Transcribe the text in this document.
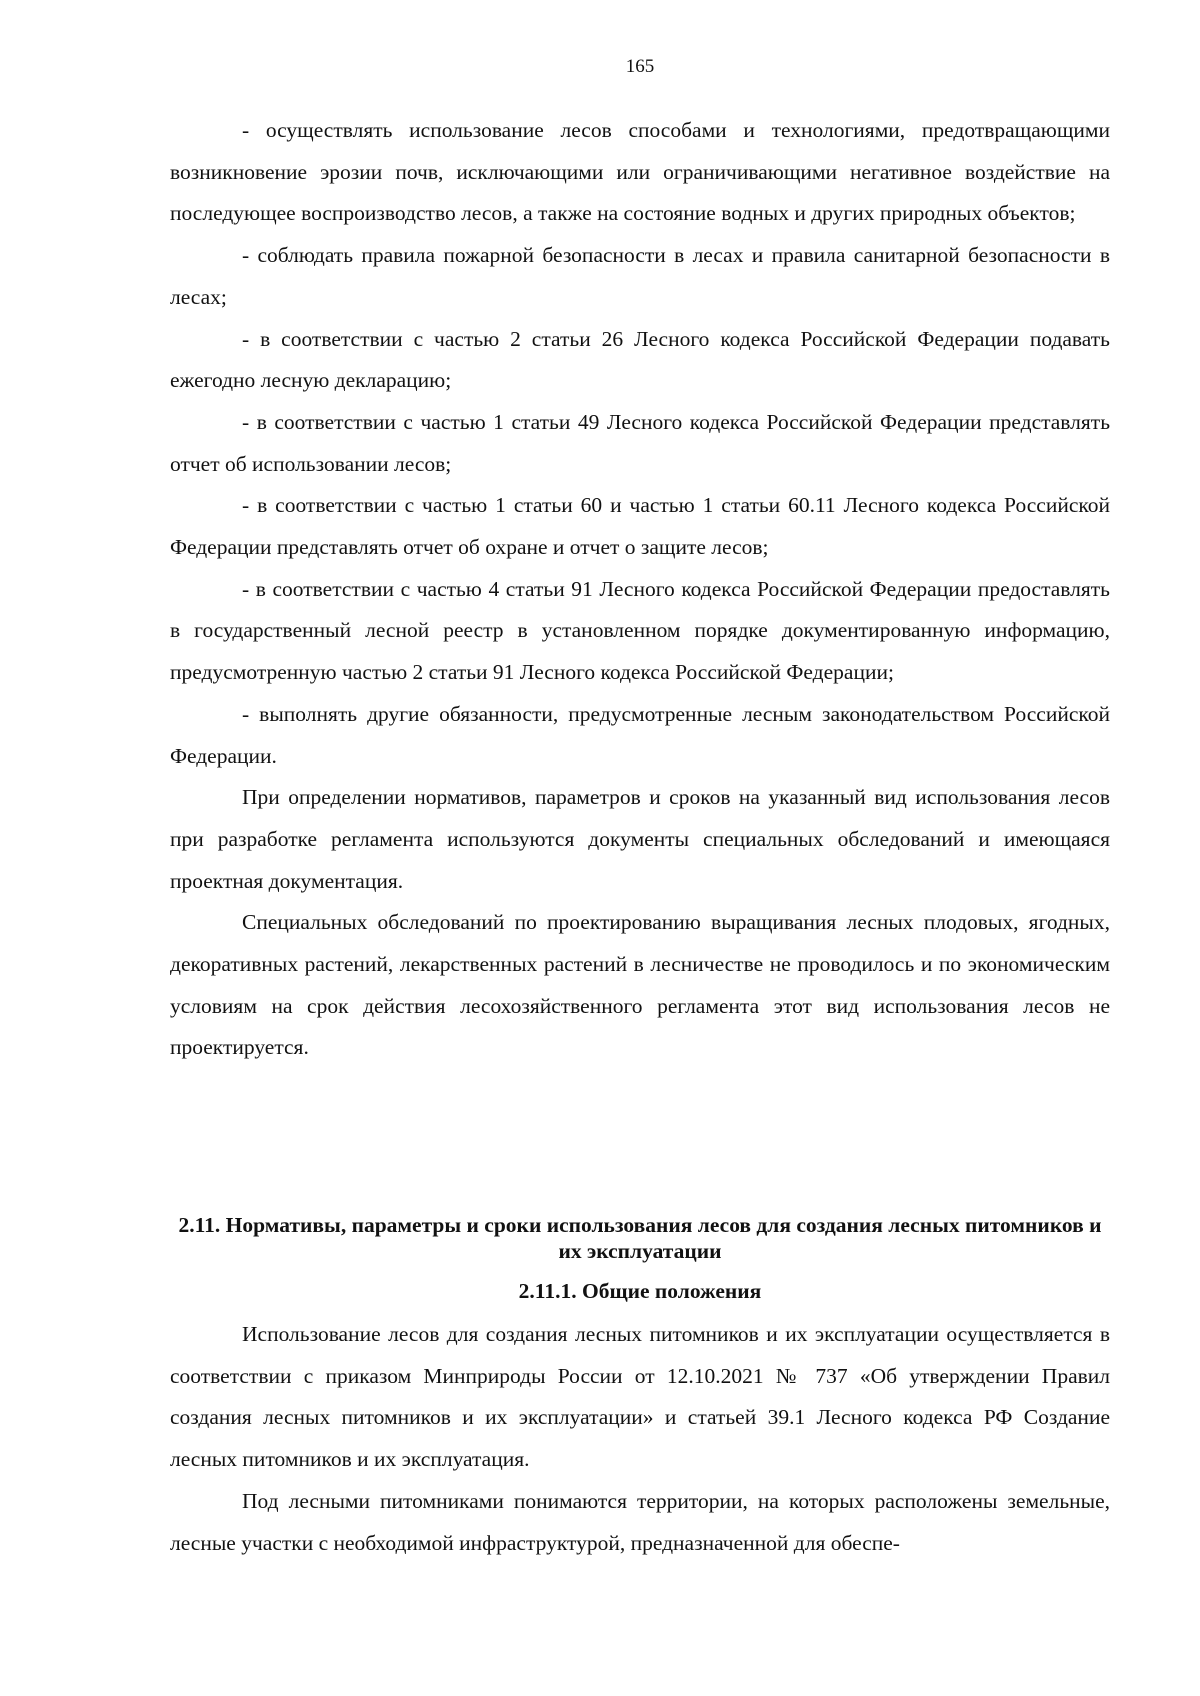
165

- осуществлять использование лесов способами и технологиями, предотвращающими возникновение эрозии почв, исключающими или ограничивающими негативное воздействие на последующее воспроизводство лесов, а также на состояние водных и других природных объектов;

- соблюдать правила пожарной безопасности в лесах и правила санитарной безопасности в лесах;

- в соответствии с частью 2 статьи 26 Лесного кодекса Российской Федерации подавать ежегодно лесную декларацию;

- в соответствии с частью 1 статьи 49 Лесного кодекса Российской Федерации представлять отчет об использовании лесов;

- в соответствии с частью 1 статьи 60 и частью 1 статьи 60.11 Лесного кодекса Российской Федерации представлять отчет об охране и отчет о защите лесов;

- в соответствии с частью 4 статьи 91 Лесного кодекса Российской Федерации предоставлять в государственный лесной реестр в установленном порядке документированную информацию, предусмотренную частью 2 статьи 91 Лесного кодекса Российской Федерации;

- выполнять другие обязанности, предусмотренные лесным законодательством Российской Федерации.

При определении нормативов, параметров и сроков на указанный вид использования лесов при разработке регламента используются документы специальных обследований и имеющаяся проектная документация.

Специальных обследований по проектированию выращивания лесных плодовых, ягодных, декоративных растений, лекарственных растений в лесничестве не проводилось и по экономическим условиям на срок действия лесохозяйственного регламента этот вид использования лесов не проектируется.

2.11. Нормативы, параметры и сроки использования лесов для создания лесных питомников и их эксплуатации
2.11.1. Общие положения

Использование лесов для создания лесных питомников и их эксплуатации осуществляется в соответствии с приказом Минприроды России от 12.10.2021 № 737 «Об утверждении Правил создания лесных питомников и их эксплуатации» и статьей 39.1 Лесного кодекса РФ Создание лесных питомников и их эксплуатация.

Под лесными питомниками понимаются территории, на которых расположены земельные, лесные участки с необходимой инфраструктурой, предназначенной для обеспе-
